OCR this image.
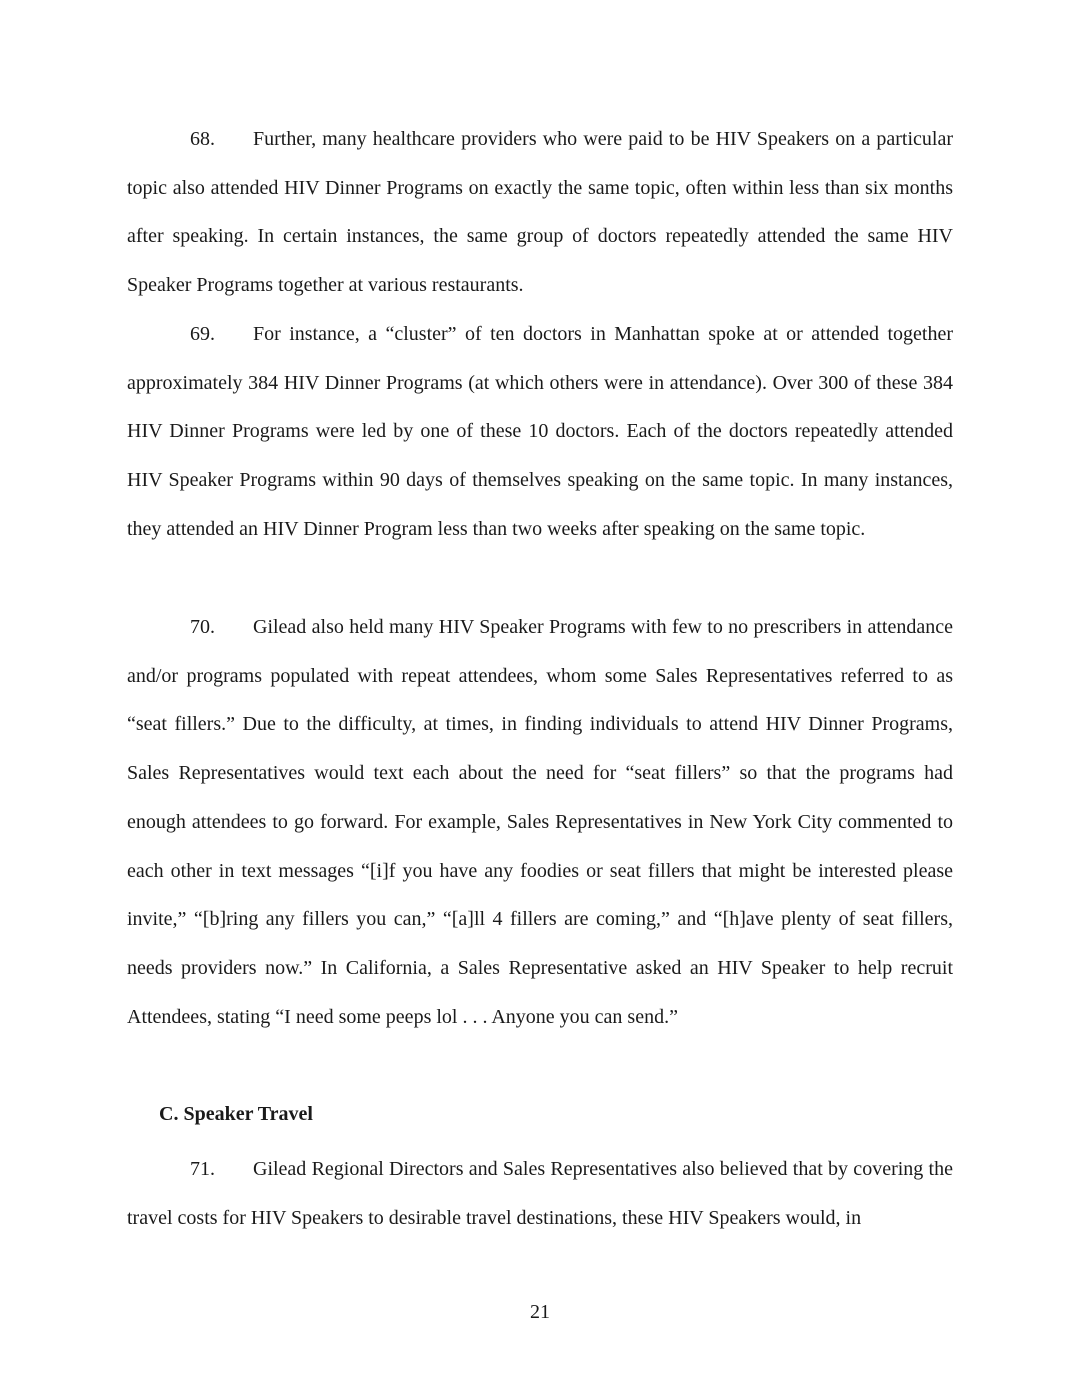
68. Further, many healthcare providers who were paid to be HIV Speakers on a particular topic also attended HIV Dinner Programs on exactly the same topic, often within less than six months after speaking. In certain instances, the same group of doctors repeatedly attended the same HIV Speaker Programs together at various restaurants.

69. For instance, a “cluster” of ten doctors in Manhattan spoke at or attended together approximately 384 HIV Dinner Programs (at which others were in attendance). Over 300 of these 384 HIV Dinner Programs were led by one of these 10 doctors. Each of the doctors repeatedly attended HIV Speaker Programs within 90 days of themselves speaking on the same topic. In many instances, they attended an HIV Dinner Program less than two weeks after speaking on the same topic.

70. Gilead also held many HIV Speaker Programs with few to no prescribers in attendance and/or programs populated with repeat attendees, whom some Sales Representatives referred to as “seat fillers.” Due to the difficulty, at times, in finding individuals to attend HIV Dinner Programs, Sales Representatives would text each about the need for “seat fillers” so that the programs had enough attendees to go forward. For example, Sales Representatives in New York City commented to each other in text messages “[i]f you have any foodies or seat fillers that might be interested please invite,” “[b]ring any fillers you can,” “[a]ll 4 fillers are coming,” and “[h]ave plenty of seat fillers, needs providers now.” In California, a Sales Representative asked an HIV Speaker to help recruit Attendees, stating “I need some peeps lol . . . Anyone you can send.”

C. Speaker Travel

71. Gilead Regional Directors and Sales Representatives also believed that by covering the travel costs for HIV Speakers to desirable travel destinations, these HIV Speakers would, in

21
